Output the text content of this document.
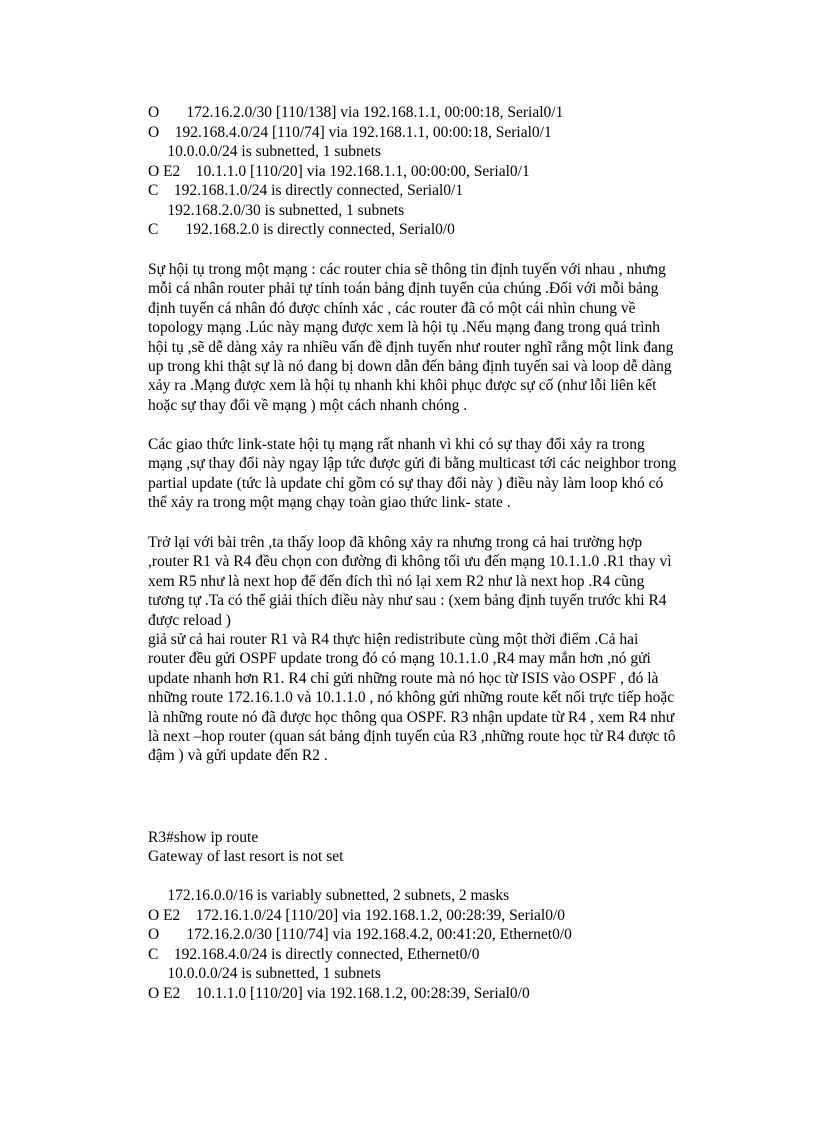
O       172.16.2.0/30 [110/138] via 192.168.1.1, 00:00:18, Serial0/1
O    192.168.4.0/24 [110/74] via 192.168.1.1, 00:00:18, Serial0/1
10.0.0.0/24 is subnetted, 1 subnets
O E2    10.1.1.0 [110/20] via 192.168.1.1, 00:00:00, Serial0/1
C    192.168.1.0/24 is directly connected, Serial0/1
192.168.2.0/30 is subnetted, 1 subnets
C       192.168.2.0 is directly connected, Serial0/0
Sự hội tụ trong một mạng : các router chia sẽ thông tin định tuyến với nhau , nhưng mỗi cá nhân router phải tự tính toán bảng định tuyến của chúng .Đối với mỗi bảng định tuyến cá nhân đó được chính xác , các router đã có một cái nhìn chung về topology mạng .Lúc này mạng được xem là hội tụ .Nếu mạng đang trong quá trình hội tụ ,sẽ dễ dàng xảy ra nhiều vấn đề định tuyến như router nghĩ rằng một link đang up trong khi thật sự là nó đang bị down dẫn đến bảng định tuyến sai và loop dễ dàng xảy ra .Mạng được xem là hội tụ nhanh khi khôi phục được sự cố (như lỗi liên kết hoặc sự thay đổi về mạng ) một cách nhanh chóng .
Các giao thức link-state hội tụ mạng rất nhanh vì khi có sự thay đổi xảy ra trong mạng ,sự thay đổi này ngay lập tức được gửi đi bằng multicast tới các neighbor trong partial update (tức là update chỉ gồm có sự thay đổi này ) điều này làm loop khó có thể xảy ra trong một mạng chạy toàn giao thức link- state .
Trở lại với bài trên ,ta thấy loop đã không xảy ra nhưng trong cả hai trường hợp ,router R1 và R4 đều chọn con đường đi không tối ưu đến mạng 10.1.1.0 .R1 thay vì xem R5 như là next hop để đến đích thì nó lại xem R2 như là next hop .R4 cũng tương tự .Ta có thể giải thích điều này như sau : (xem bảng định tuyến trước khi R4 được reload )
giả sử cả hai router R1 và R4 thực hiện redistribute cùng một thời điểm .Cả hai router đều gửi OSPF update trong đó có mạng 10.1.1.0 ,R4 may mắn hơn ,nó gửi update nhanh hơn R1. R4 chỉ gửi những route mà nó học từ ISIS vào OSPF , đó là những route 172.16.1.0 và 10.1.1.0 , nó không gửi những route kết nối trực tiếp hoặc là những route nó đã được học thông qua OSPF. R3 nhận update từ R4 , xem R4 như là next –hop router (quan sát bảng định tuyến của R3 ,những route học từ R4 được tô đậm ) và gửi update đến R2 .
R3#show ip route
Gateway of last resort is not set
172.16.0.0/16 is variably subnetted, 2 subnets, 2 masks
O E2    172.16.1.0/24 [110/20] via 192.168.1.2, 00:28:39, Serial0/0
O       172.16.2.0/30 [110/74] via 192.168.4.2, 00:41:20, Ethernet0/0
C    192.168.4.0/24 is directly connected, Ethernet0/0
10.0.0.0/24 is subnetted, 1 subnets
O E2    10.1.1.0 [110/20] via 192.168.1.2, 00:28:39, Serial0/0
